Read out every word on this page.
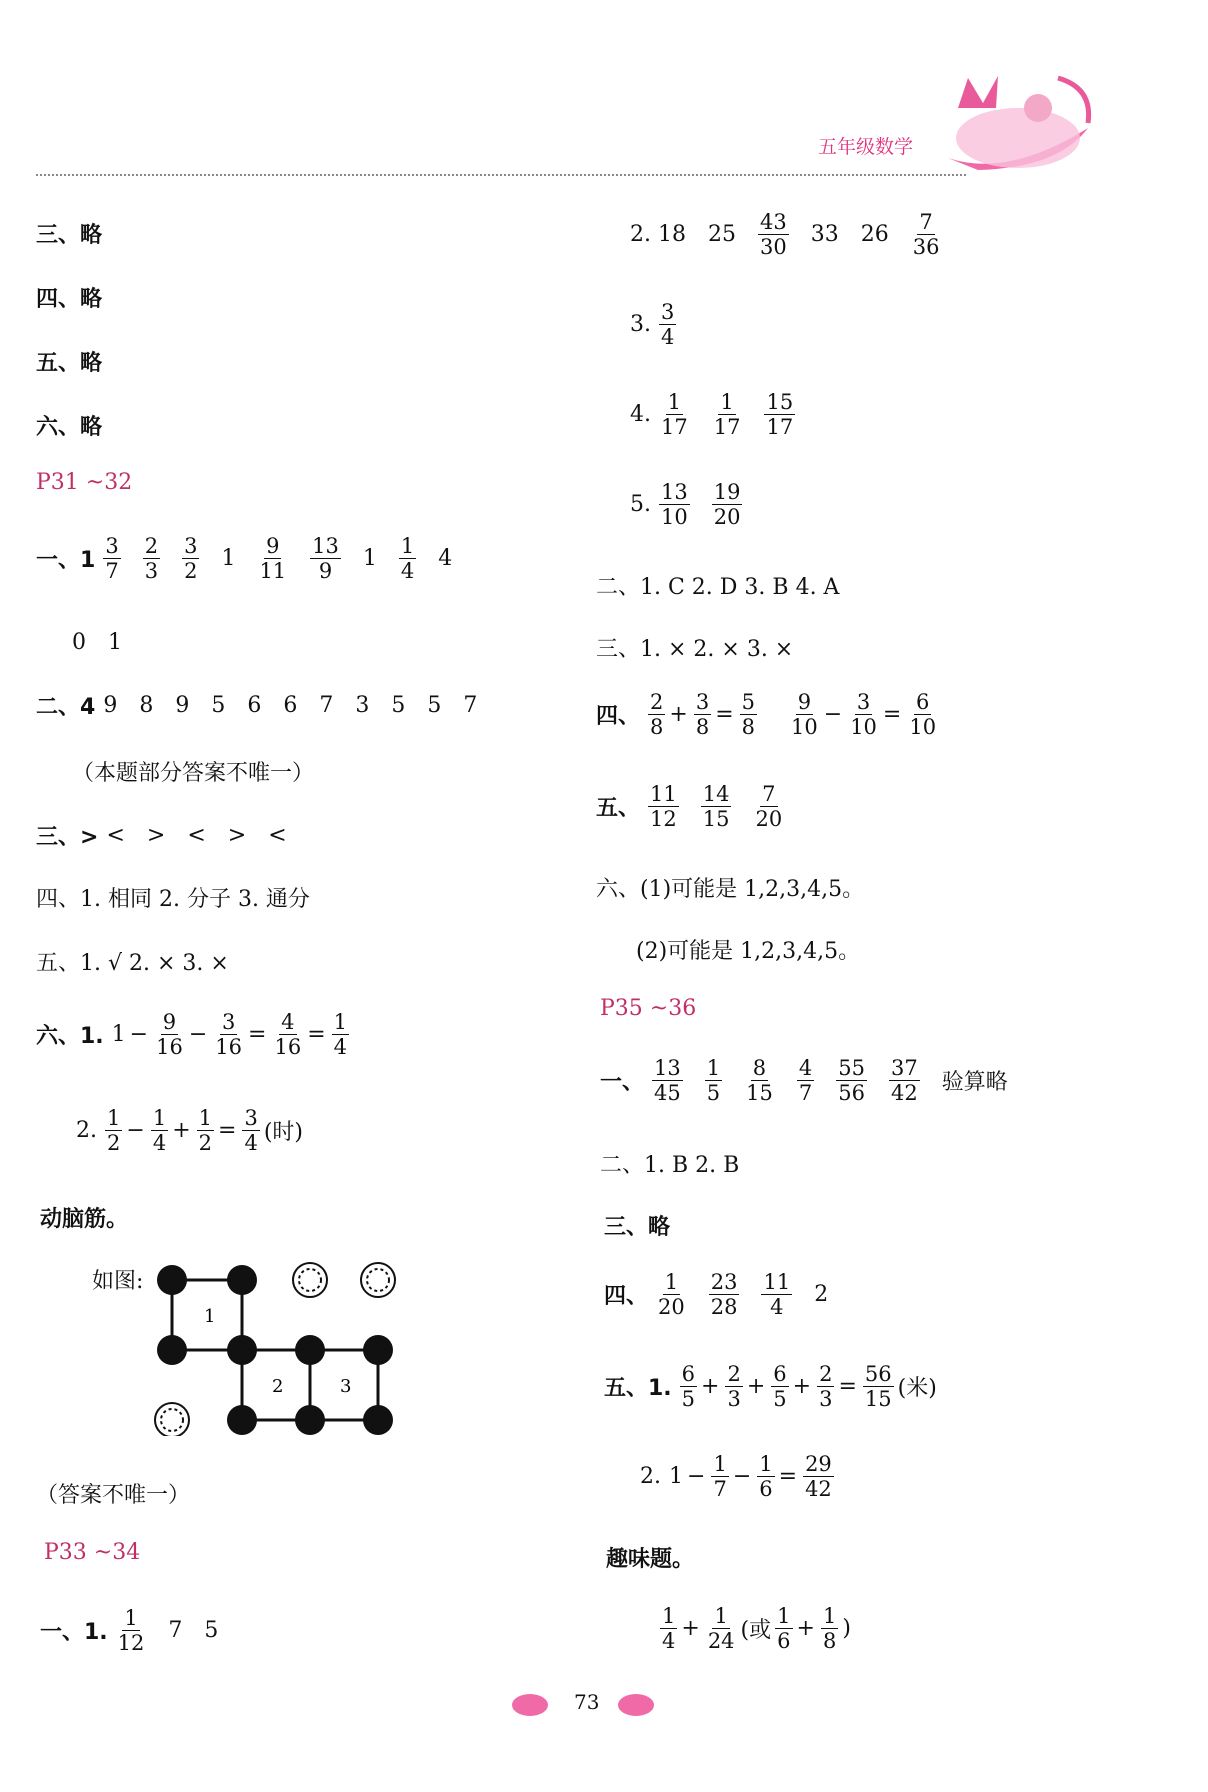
五年级数学
三、略
四、略
五、略
六、略
P31 ~32
一、$1 \frac{3}{7} \frac{2}{3} \frac{3}{2} 1 \frac{9}{11} \frac{13}{9} 1 \frac{1}{4} 4$
0 1
二、4 9 8 9 5 6 6 7 3 5 5 7
（本题部分答案不唯一）
三、> < > < > <
四、1. 相同 2. 分子 3. 通分
五、1. √ 2. × 3. ×
六、1. $1 - \frac{9}{16} - \frac{3}{16} = \frac{4}{16} = \frac{1}{4}$
2. $\frac{1}{2} - \frac{1}{4} + \frac{1}{2} = \frac{3}{4}$ (时)
动脑筋。
如图:
1
2	3
（答案不唯一）
P33 ~34
一、1. $\frac{1}{12} 7$ 5
2. 18 $25 \frac{43}{30} 33$ $26 \frac{7}{36}$
3. $\frac{3}{4}$
4. $\frac{1}{17} \frac{1}{17} \frac{15}{17}$
5. $\frac{13}{10} \frac{19}{20}$
二、1. C 2. D 3. B 4. A
三、1. × 2. × 3. ×
四、 $\frac{2}{8} + \frac{3}{8} = \frac{5}{8} \frac{9}{10} - \frac{3}{10} = \frac{6}{10}$
五、 $\frac{11}{12} \frac{14}{15} \frac{7}{20}$
六、(1)可能是 1,2,3,4,5。
(2)可能是 1,2,3,4,5。
P35 ~36
一、 $\frac{13}{45} \frac{1}{5} \frac{8}{15} \frac{4}{7} \frac{55}{56} \frac{37}{42}$ 验算略
二、1. B 2. B
三、略
四、 $\frac{1}{20} \frac{23}{28} \frac{11}{4} 2$
五、1. $\frac{6}{5} + \frac{2}{3} + \frac{6}{5} + \frac{2}{3} = \frac{56}{15}$ (米)
2. $1 - \frac{1}{7} - \frac{1}{6} = \frac{29}{42}$
趣味题。
$\frac{1}{4} + \frac{1}{24}$ (或 $\frac{1}{6} + \frac{1}{8}$ )
73
